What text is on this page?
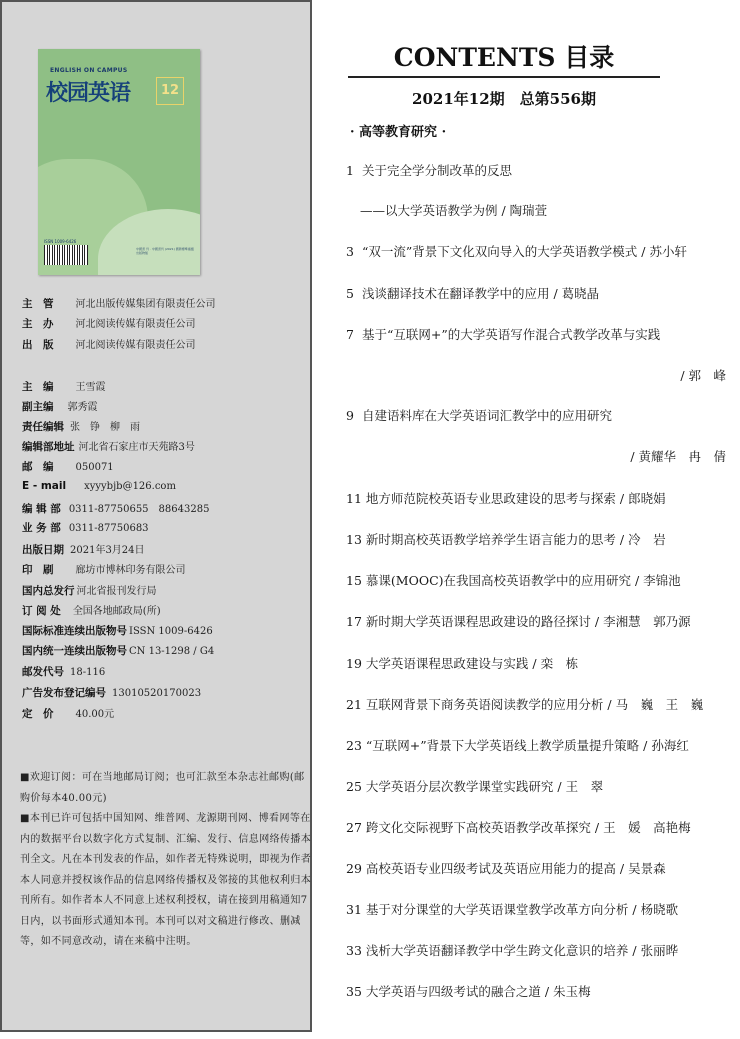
ENGLISH ON CAMPUS
校园英语	12
ISSN 1009-6426
中國書 刊 · 中國書刊 (2021) 國際標準連續出版物號
主　管 河北出版传媒集团有限责任公司
主　办 河北阅读传媒有限责任公司
出　版 河北阅读传媒有限责任公司
主　编 王雪霞
副主编 郭秀霞
责任编辑 张　铮　柳　雨
编辑部地址 河北省石家庄市天苑路3号
邮　编 050071
E - mail xyyybjb@126.com
编 辑 部 0311-87750655　88643285
业 务 部 0311-87750683
出版日期 2021年3月24日
印　刷 廊坊市博林印务有限公司
国内总发行 河北省报刊发行局
订 阅 处 全国各地邮政局(所)
国际标准连续出版物号 ISSN 1009-6426
国内统一连续出版物号 CN 13-1298 / G4
邮发代号 18-116
广告发布登记编号 13010520170023
定　价 40.00元

■欢迎订阅：可在当地邮局订阅；也可汇款至本杂志社邮购(邮购价每本40.00元)

■本刊已许可包括中国知网、维普网、龙源期刊网、博看网等在内的数据平台以数字化方式复制、汇编、发行、信息网络传播本刊全文。凡在本刊发表的作品，如作者无特殊说明，即视为作者本人同意并授权该作品的信息网络传播权及邻接的其他权利归本刊所有。如作者本人不同意上述权利授权，请在接到用稿通知7日内，以书面形式通知本刊。本刊可以对文稿进行修改、删减等，如不同意改动，请在来稿中注明。

CONTENTS 目录
2021年12期　总第556期
· 高等教育研究 ·
1 关于完全学分制改革的反思
——以大学英语教学为例 / 陶瑞萱
3 “双一流”背景下文化双向导入的大学英语教学模式 / 苏小轩
5 浅谈翻译技术在翻译教学中的应用 / 葛晓晶
7 基于“互联网+”的大学英语写作混合式教学改革与实践
/ 郭　峰
9 自建语料库在大学英语词汇教学中的应用研究
/ 黄耀华　冉　倩
11 地方师范院校英语专业思政建设的思考与探索 / 郎晓娟
13 新时期高校英语教学培养学生语言能力的思考 / 冷　岩
15 慕课(MOOC)在我国高校英语教学中的应用研究 / 李锦池
17 新时期大学英语课程思政建设的路径探讨 / 李湘慧　郭乃源
19 大学英语课程思政建设与实践 / 栾　栋
21 互联网背景下商务英语阅读教学的应用分析 / 马　巍　王　巍
23 “互联网+”背景下大学英语线上教学质量提升策略 / 孙海红
25 大学英语分层次教学课堂实践研究 / 王　翠
27 跨文化交际视野下高校英语教学改革探究 / 王　媛　高艳梅
29 高校英语专业四级考试及英语应用能力的提高 / 吴景森
31 基于对分课堂的大学英语课堂教学改革方向分析 / 杨晓歌
33 浅析大学英语翻译教学中学生跨文化意识的培养 / 张丽晔
35 大学英语与四级考试的融合之道 / 朱玉梅
